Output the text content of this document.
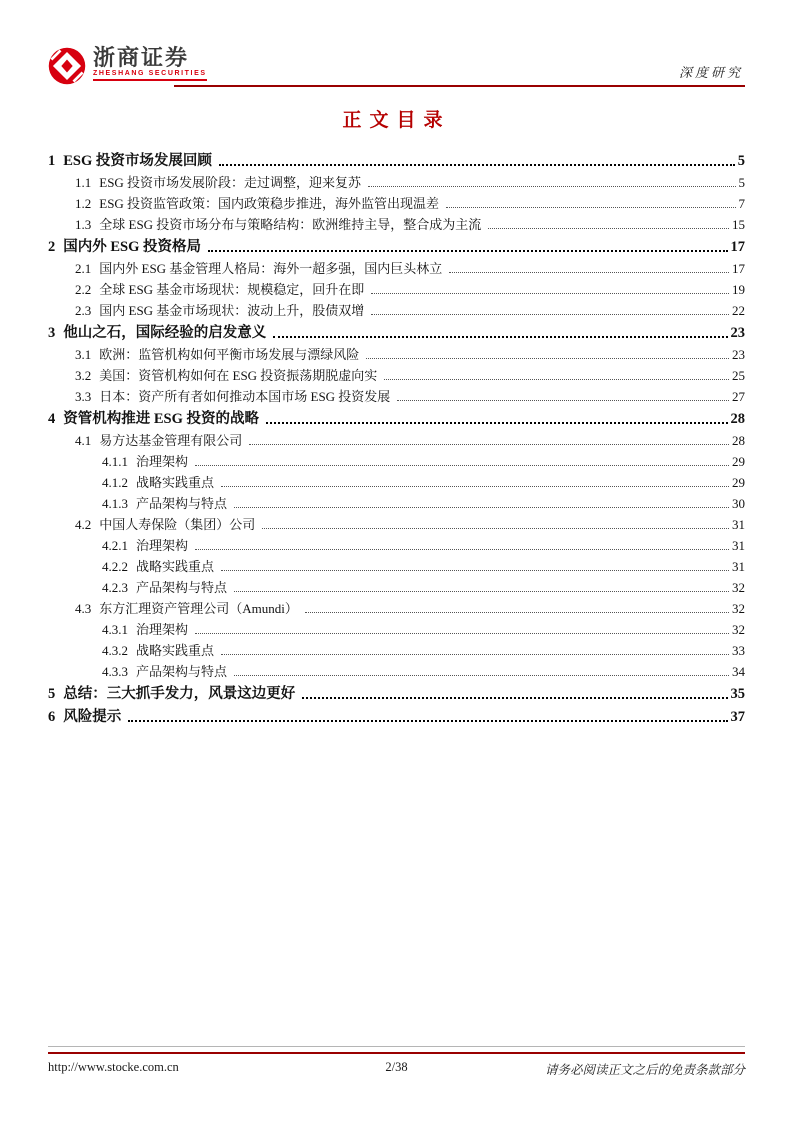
浙商证券
ZHESHANG SECURITIES	深度研究
正文目录
1 ESG 投资市场发展回顾	5
1.1 ESG 投资市场发展阶段：走过调整，迎来复苏	5
1.2 ESG 投资监管政策：国内政策稳步推进，海外监管出现温差	7
1.3 全球 ESG 投资市场分布与策略结构：欧洲维持主导，整合成为主流	15
2 国内外 ESG 投资格局	17
2.1 国内外 ESG 基金管理人格局：海外一超多强，国内巨头林立	17
2.2 全球 ESG 基金市场现状：规模稳定，回升在即	19
2.3 国内 ESG 基金市场现状：波动上升，股债双增	22
3 他山之石，国际经验的启发意义	23
3.1 欧洲：监管机构如何平衡市场发展与漂绿风险	23
3.2 美国：资管机构如何在 ESG 投资振荡期脱虚向实	25
3.3 日本：资产所有者如何推动本国市场 ESG 投资发展	27
4 资管机构推进 ESG 投资的战略	28
4.1 易方达基金管理有限公司	28
4.1.1 治理架构	29
4.1.2 战略实践重点	29
4.1.3 产品架构与特点	30
4.2 中国人寿保险（集团）公司	31
4.2.1 治理架构	31
4.2.2 战略实践重点	31
4.2.3 产品架构与特点	32
4.3 东方汇理资产管理公司（Amundi）	32
4.3.1 治理架构	32
4.3.2 战略实践重点	33
4.3.3 产品架构与特点	34
5 总结：三大抓手发力，风景这边更好	35
6 风险提示	37
http://www.stocke.com.cn	2/38	请务必阅读正文之后的免责条款部分
